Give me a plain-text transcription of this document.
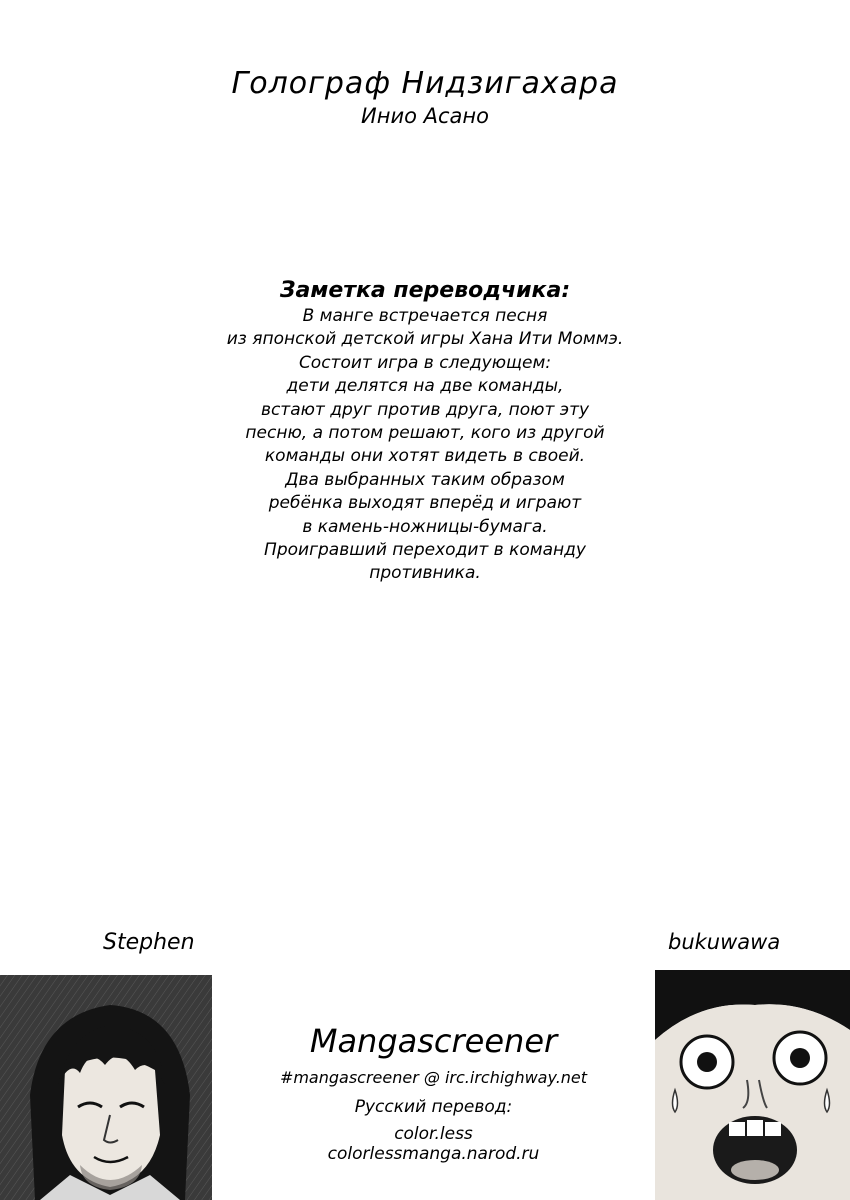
Голограф Нидзигахара
Инио Асано
Заметка переводчика:
В манге встречается песня
из японской детской игры Хана Ити Моммэ.
Состоит игра в следующем:
дети делятся на две команды,
встают друг против друга, поют эту
песню, а потом решают, кого из другой
команды они хотят видеть в своей.
Два выбранных таким образом
ребёнка выходят вперёд и играют
в камень-ножницы-бумага.
Проигравший переходит в команду
противника.
Stephen	bukuwawa
Mangascreener
#mangascreener @ irc.irchighway.net
Русский перевод:
color.less
colorlessmanga.narod.ru
